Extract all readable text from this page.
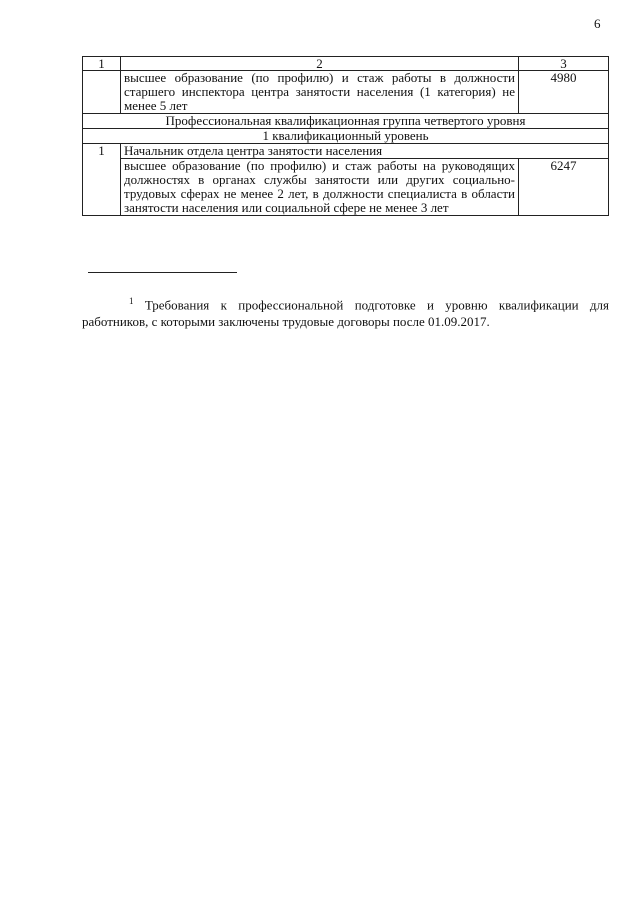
6
1	2	3
	высшее образование (по профилю) и стаж работы в должности старшего инспектора центра занятости населения (1 категория) не менее 5 лет	4980
Профессиональная квалификационная группа четвертого уровня		
1 квалификационный уровень		
1	Начальник отдела центра занятости населения	
	высшее образование (по профилю) и стаж работы на руководящих должностях в органах службы занятости или других социально-трудовых сферах не менее 2 лет, в должности специалиста в области занятости населения или социальной сфере не менее 3 лет	6247
$^1$ Требования к профессиональной подготовке и уровню квалификации для работников, с которыми заключены трудовые договоры после 01.09.2017.
